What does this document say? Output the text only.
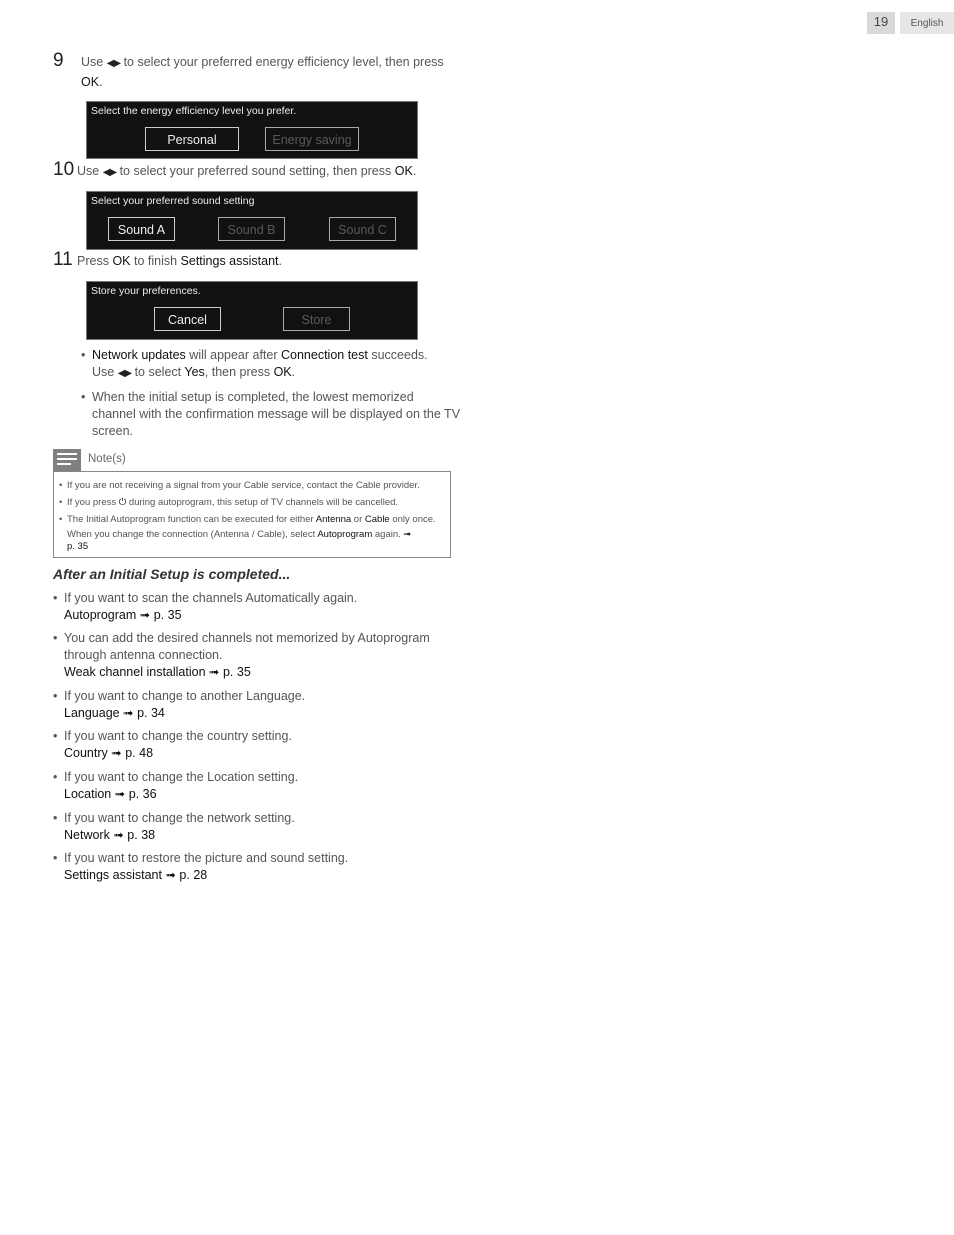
19	English
9 Use ◀▶ to select your preferred energy efficiency level, then press
OK.
Select the energy efficiency level you prefer.
Personal	Energy saving
10 Use ◀▶ to select your preferred sound setting, then press OK.
Select your preferred sound setting
Sound A	Sound B	Sound C
11 Press OK to finish Settings assistant.
Store your preferences.
Cancel	Store
• Network updates will appear after Connection test succeeds.
Use ◀▶ to select Yes, then press OK.
• When the initial setup is completed, the lowest memorized
channel with the confirmation message will be displayed on the TV
screen.
Note(s)
• If you are not receiving a signal from your Cable service, contact the Cable provider.
• If you press ⏻ during autoprogram, this setup of TV channels will be cancelled.
• The Initial Autoprogram function can be executed for either Antenna or Cable only once.
When you change the connection (Antenna / Cable), select Autoprogram again. ➟
p. 35
After an Initial Setup is completed...
• If you want to scan the channels Automatically again.
Autoprogram ➟ p. 35
• You can add the desired channels not memorized by Autoprogram
through antenna connection.
Weak channel installation ➟ p. 35
• If you want to change to another Language.
Language ➟ p. 34
• If you want to change the country setting.
Country ➟ p. 48
• If you want to change the Location setting.
Location ➟ p. 36
• If you want to change the network setting.
Network ➟ p. 38
• If you want to restore the picture and sound setting.
Settings assistant ➟ p. 28
